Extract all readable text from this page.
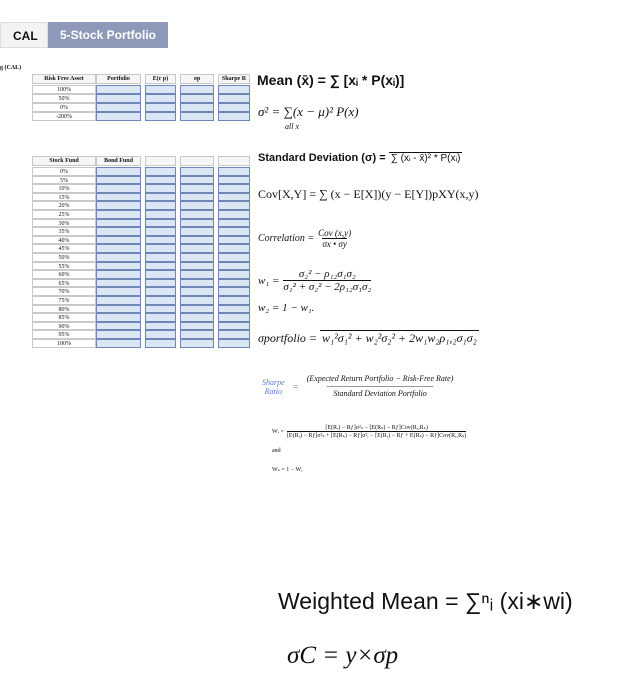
CAL	5-Stock Portfolio
g (CAL)
Risk Free Asset	Portfolio	E(r p)	σp	Sharpe R
100%
50%
0%
-200%
Stock Fund	Bond Fund
0%
5%
10%
15%
20%
25%
30%
35%
40%
45%
50%
55%
60%
65%
70%
75%
80%
85%
90%
95%
100%
Mean (x̄) = ∑ [xᵢ * P(xᵢ)]
σ² = ∑(x − μ)² P(x)
all x
Standard Deviation (σ) = ∑ (xᵢ - x̄)² * P(xᵢ)
Cov[X,Y] = ∑ (x − E[X])(y − E[Y])pXY(x,y)
Correlation = Cov (x,y)
σx • σy
$w_1 = \frac{\text{σ₂² − ρ₁₂σ₁σ₂}}{\text{σ₁² + σ₂² − 2ρ₁₂σ₁σ₂}}$
w₂ = 1 − w₁.
σportfolio = w₁²σ₁² + w₂²σ₂² + 2w₁w₂ρ₁,₂σ₁σ₂
Sharpe
Ratio =
(Expected Return Portfolio − Risk-Free Rate)
Standard Deviation Portfolio
Wᵣ =
[E(Rᵣ) − Rƒ]σ²ₛ − [E(Rₛ) − Rƒ]Cov(Rᵣ,Rₛ)
[E(Rᵣ) − Rƒ]σ²ₛ + [E(Rₛ) − Rƒ]σ²ᵣ − [E(Rᵣ) − Rƒ + E(Rₛ) − Rƒ]Cov(Rᵣ,Rₛ)
and
Wₛ = 1 − Wᵣ
Weighted Mean = ∑ⁿᵢ (xi∗wi)
σC = y×σp
